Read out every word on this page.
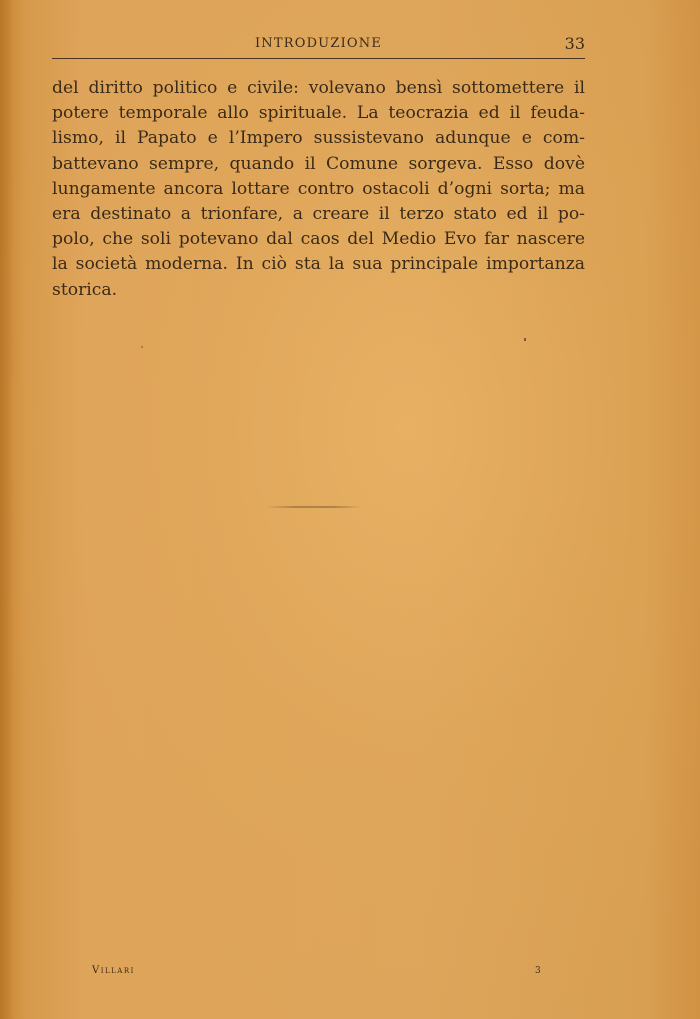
INTRODUZIONE	33
del diritto politico e civile: volevano bensì sottomettere il
potere temporale allo spirituale. La teocrazia ed il feuda-
lismo, il Papato e l’Impero sussistevano adunque e com-
battevano sempre, quando il Comune sorgeva. Esso dovè
lungamente ancora lottare contro ostacoli d’ogni sorta; ma
era destinato a trionfare, a creare il terzo stato ed il po-
polo, che soli potevano dal caos del Medio Evo far nascere
la società moderna. In ciò sta la sua principale importanza
storica.
Villari	3
